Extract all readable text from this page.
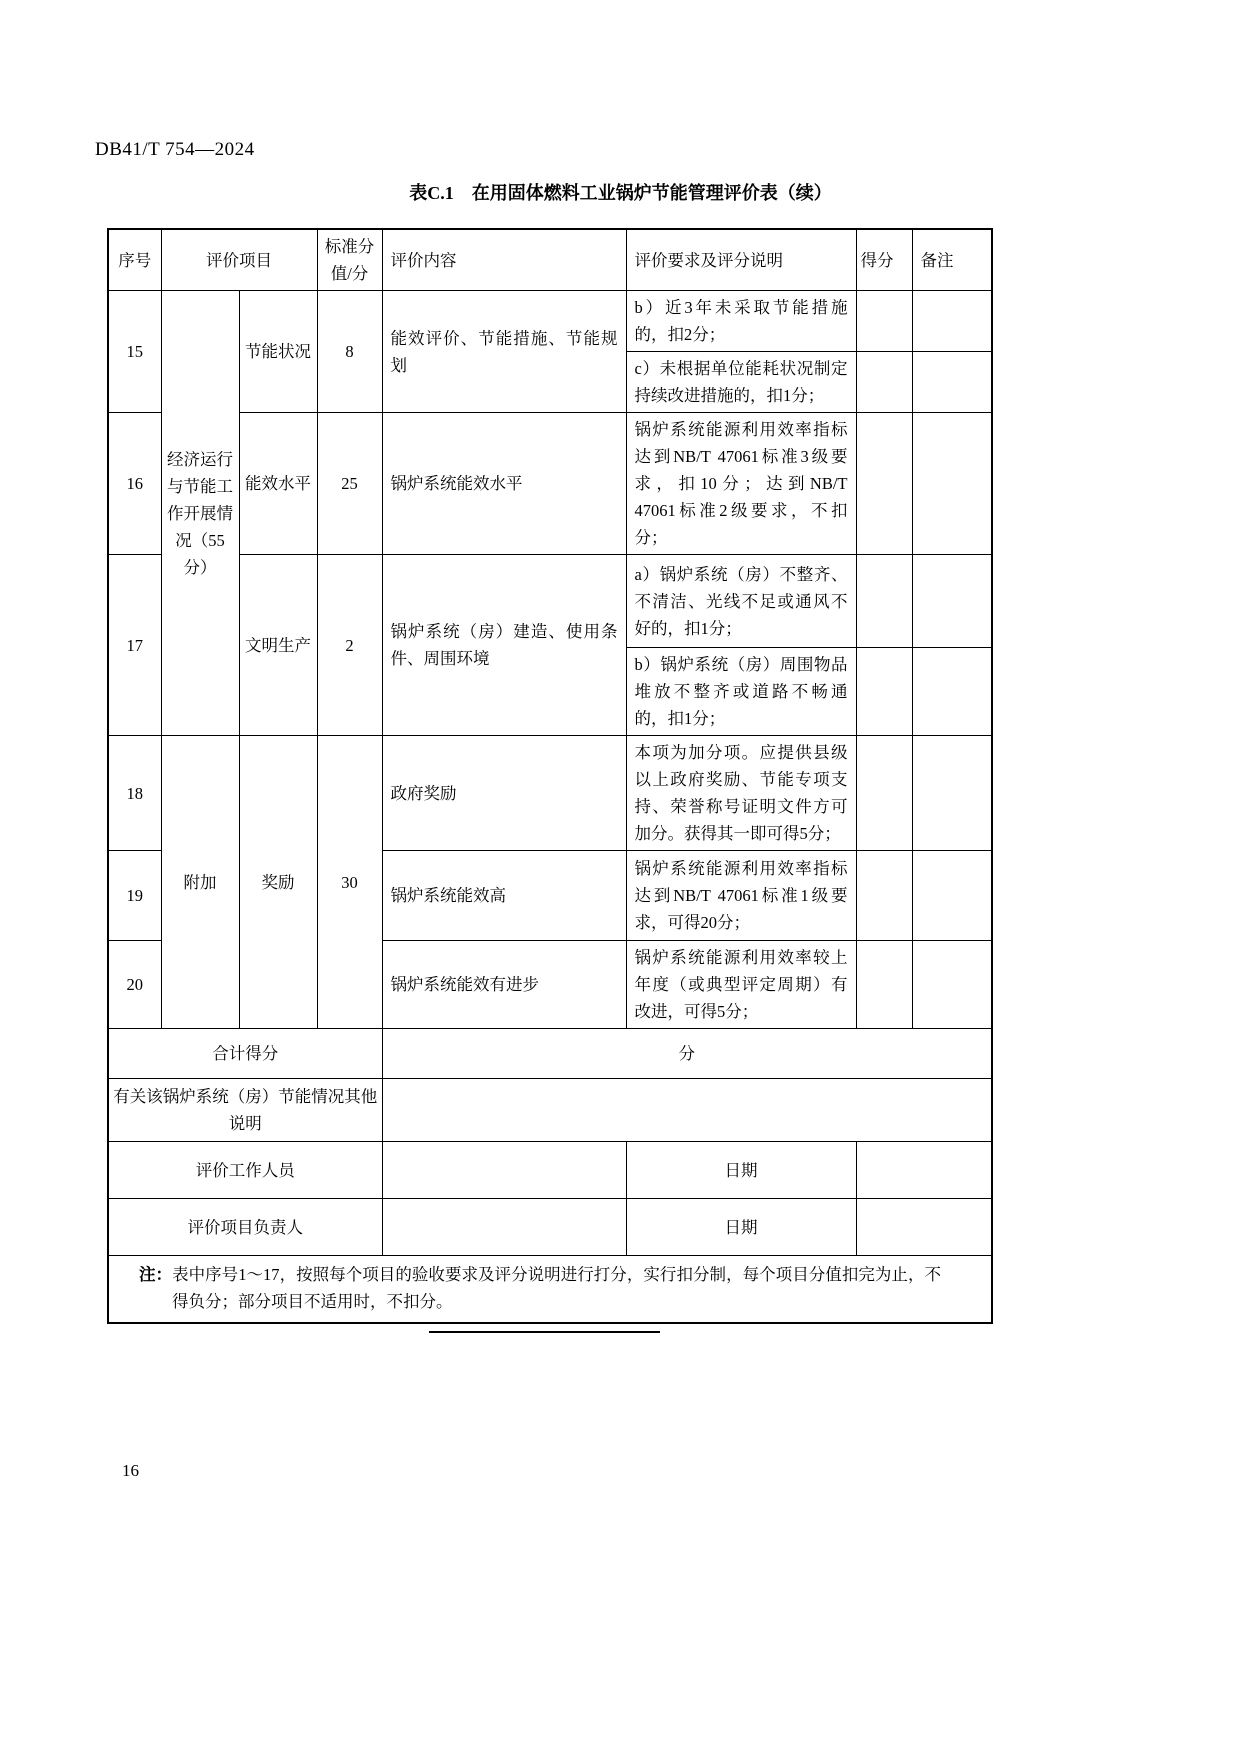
DB41/T 754—2024
表C.1　在用固体燃料工业锅炉节能管理评价表（续）
序号	评价项目		标准分值/分	评价内容	评价要求及评分说明	得分	备注
15	经济运行与节能工作开展情况（55分）	节能状况	8	能效评价、节能措施、节能规划	b）近3年未采取节能措施的，扣2分；		
					c）未根据单位能耗状况制定持续改进措施的，扣1分；		
16		能效水平	25	锅炉系统能效水平	锅炉系统能源利用效率指标达到NB/T 47061标准3级要求，扣10分；达到NB/T 47061标准2级要求，不扣分；		
17		文明生产	2	锅炉系统（房）建造、使用条件、周围环境	a）锅炉系统（房）不整齐、不清洁、光线不足或通风不好的，扣1分；		
					b）锅炉系统（房）周围物品堆放不整齐或道路不畅通的，扣1分；		
18	附加	奖励	30	政府奖励	本项为加分项。应提供县级以上政府奖励、节能专项支持、荣誉称号证明文件方可加分。获得其一即可得5分；		
19				锅炉系统能效高	锅炉系统能源利用效率指标达到NB/T 47061标准1级要求，可得20分；		
20				锅炉系统能效有进步	锅炉系统能源利用效率较上年度（或典型评定周期）有改进，可得5分；		
合计得分				分			
有关该锅炉系统（房）节能情况其他说明							
评价工作人员					日期		
评价项目负责人					日期		

注：表中序号1～17，按照每个项目的验收要求及评分说明进行打分，实行扣分制，每个项目分值扣完为止，不得负分；部分项目不适用时，不扣分。							
16
